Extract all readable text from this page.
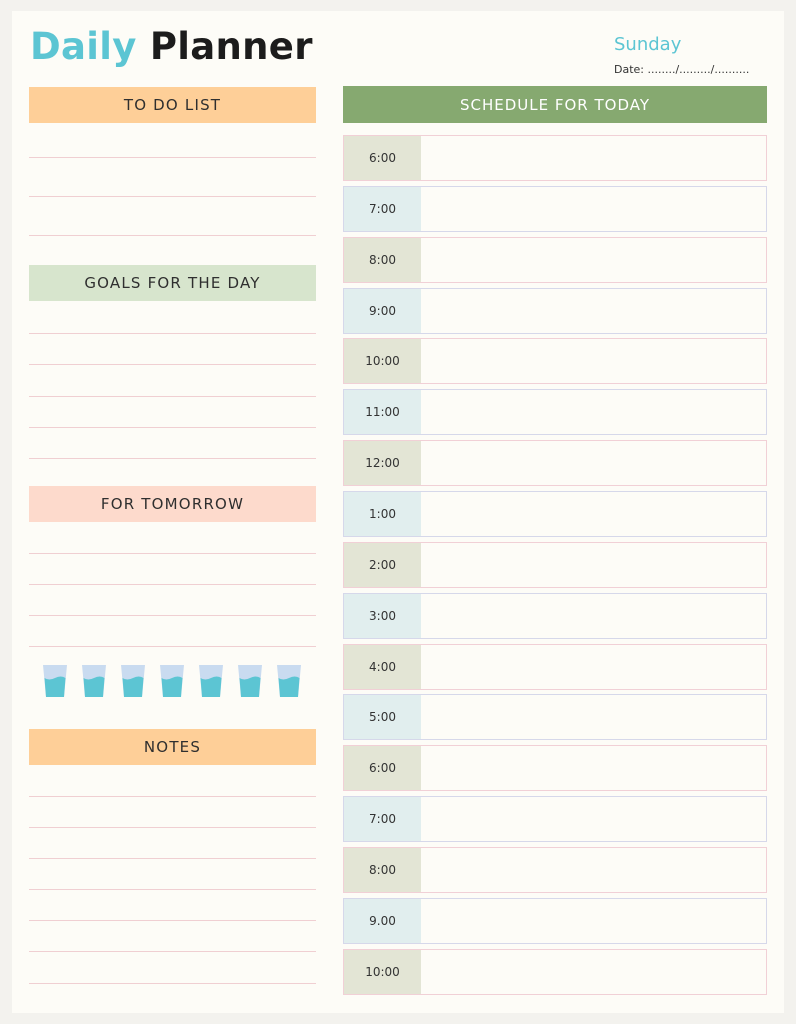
Daily Planner	Sunday
Date: ......../........./..........
TO DO LIST
GOALS FOR THE DAY
FOR TOMORROW
NOTES
SCHEDULE FOR TODAY
6:00
7:00
8:00
9:00
10:00
11:00
12:00
1:00
2:00
3:00
4:00
5:00
6:00
7:00
8:00
9.00
10:00
